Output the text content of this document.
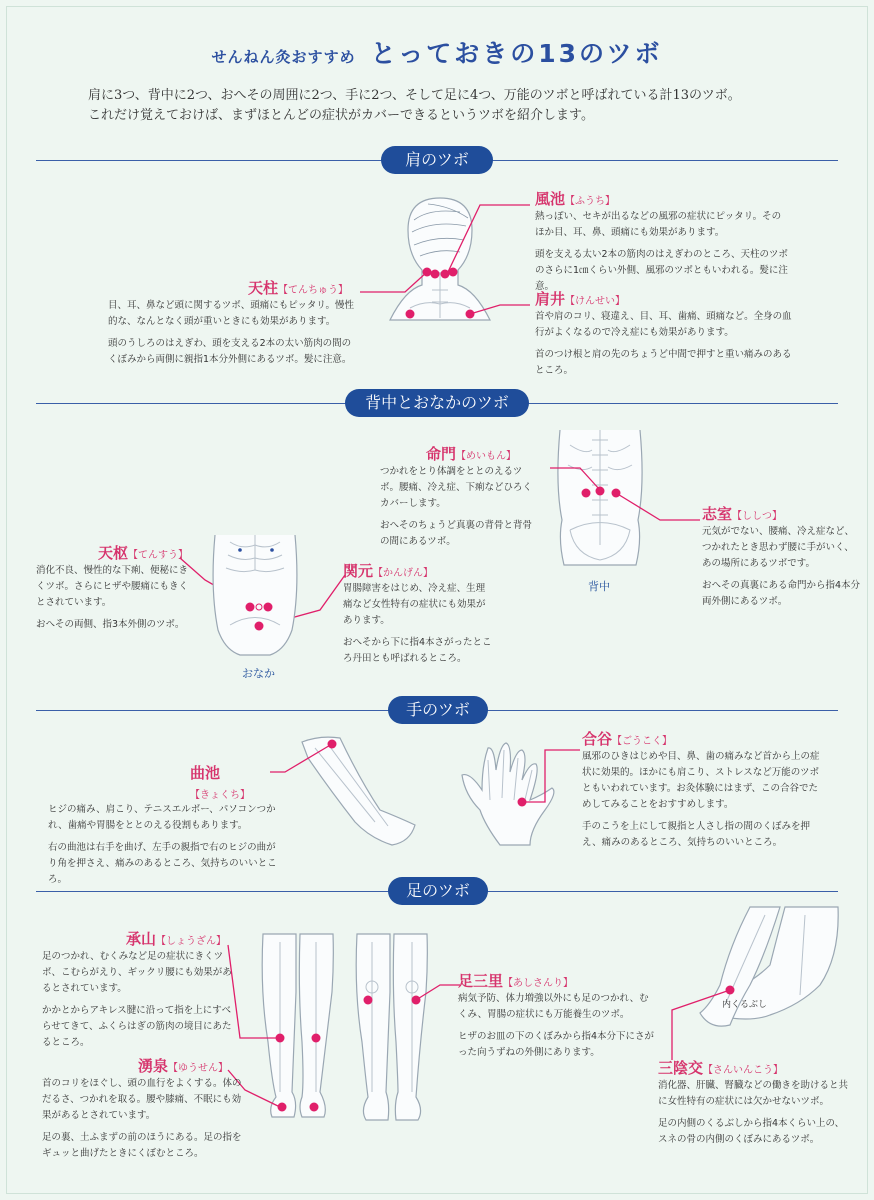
せんねん灸おすすめ とっておきの13のツボ
肩に3つ、背中に2つ、おへその周囲に2つ、手に2つ、そして足に4つ、万能のツボと呼ばれている計13のツボ。
これだけ覚えておけば、まずほとんどの症状がカバーできるというツボを紹介します。
肩のツボ
風池【ふうち】
熱っぽい、セキが出るなどの風邪の症状にピッタリ。そのほか目、耳、鼻、頭痛にも効果があります。
頭を支える太い2本の筋肉のはえぎわのところ、天柱のツボのさらに1㎝くらい外側、風邪のツボともいわれる。髪に注意。
天柱【てんちゅう】
目、耳、鼻など頭に関するツボ、頭痛にもピッタリ。慢性的な、なんとなく頭が重いときにも効果があります。
頭のうしろのはえぎわ、頭を支える2本の太い筋肉の間のくぼみから両側に親指1本分外側にあるツボ。髪に注意。
肩井【けんせい】
首や肩のコリ、寝違え、目、耳、歯痛、頭痛など。全身の血行がよくなるので冷え症にも効果があります。
首のつけ根と肩の先のちょうど中間で押すと重い痛みのあるところ。
背中とおなかのツボ
背中
おなか
命門【めいもん】
つかれをとり体調をととのえるツボ。腰痛、冷え症、下痢などひろくカバーします。
おへそのちょうど真裏の背骨と背骨の間にあるツボ。
志室【ししつ】
元気がでない、腰痛、冷え症など、つかれたとき思わず腰に手がいく、あの場所にあるツボです。
おへその真裏にある命門から指4本分両外側にあるツボ。
天枢【てんすう】
消化不良、慢性的な下痢、便秘にきくツボ。さらにヒザや腰痛にもきくとされています。
おへその両側、指3本外側のツボ。
関元【かんげん】
胃腸障害をはじめ、冷え症、生理痛など女性特有の症状にも効果があります。
おへそから下に指4本さがったところ丹田とも呼ばれるところ。
手のツボ
曲池【きょくち】
ヒジの痛み、肩こり、テニスエルボー、パソコンつかれ、歯痛や胃腸をととのえる役割もあります。
右の曲池は右手を曲げ、左手の親指で右のヒジの曲がり角を押さえ、痛みのあるところ、気持ちのいいところ。
合谷【ごうこく】
風邪のひきはじめや目、鼻、歯の痛みなど首から上の症状に効果的。ほかにも肩こり、ストレスなど万能のツボともいわれています。お灸体験にはまず、この合谷でためしてみることをおすすめします。
手のこうを上にして親指と人さし指の間のくぼみを押え、痛みのあるところ、気持ちのいいところ。
足のツボ
内くるぶし
承山【しょうざん】
足のつかれ、むくみなど足の症状にきくツボ、こむらがえり、ギックリ腰にも効果があるとされています。
かかとからアキレス腱に沿って指を上にすべらせてきて、ふくらはぎの筋肉の境目にあたるところ。
足三里【あしさんり】
病気予防、体力増強以外にも足のつかれ、むくみ、胃腸の症状にも万能養生のツボ。
ヒザのお皿の下のくぼみから指4本分下にさがった向うずねの外側にあります。
湧泉【ゆうせん】
首のコリをほぐし、頭の血行をよくする。体のだるさ、つかれを取る。腰や膝痛、不眠にも効果があるとされています。
足の裏、土ふまずの前のほうにある。足の指をギュッと曲げたときにくぼむところ。
三陰交【さんいんこう】
消化器、肝臓、腎臓などの働きを助けると共に女性特有の症状には欠かせないツボ。
足の内側のくるぶしから指4本くらい上の、スネの骨の内側のくぼみにあるツボ。
